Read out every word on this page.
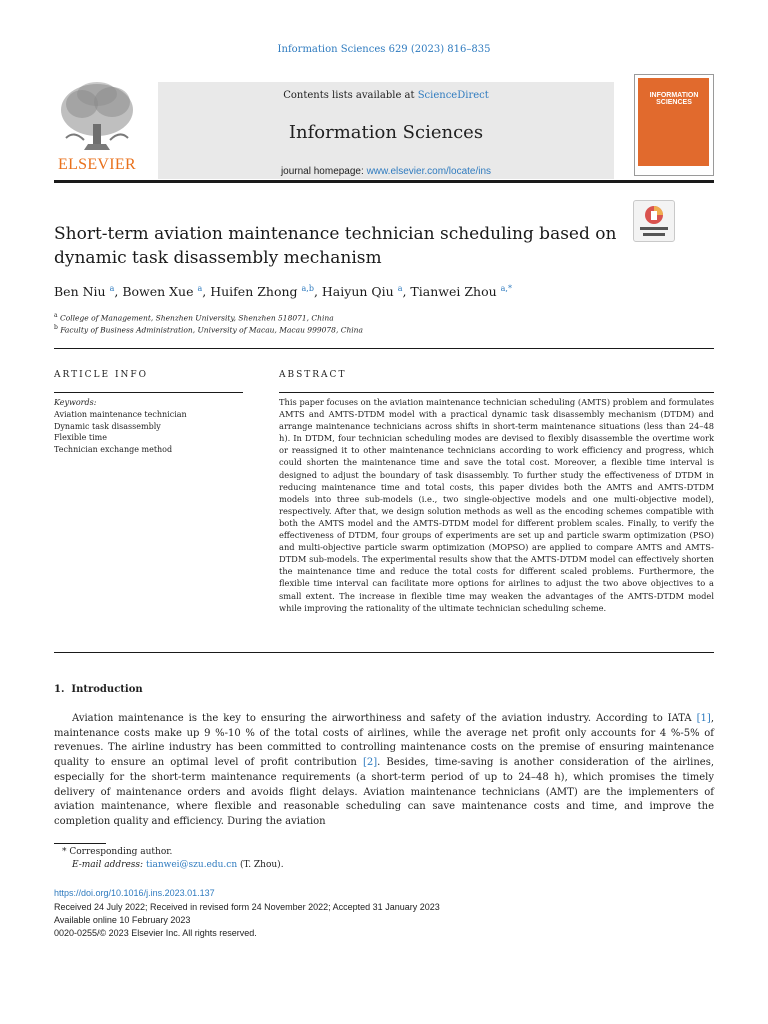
Information Sciences 629 (2023) 816–835
ELSEVIER
Contents lists available at ScienceDirect
Information Sciences
journal homepage: www.elsevier.com/locate/ins
INFORMATION
SCIENCES
Short-term aviation maintenance technician scheduling based on
dynamic task disassembly mechanism
Ben Niu $^a$, Bowen Xue $^a$, Huifen Zhong $^{a,b}$, Haiyun Qiu $^a$, Tianwei Zhou $^{a,*}$
$^a$ College of Management, Shenzhen University, Shenzhen 518071, China
$^b$ Faculty of Business Administration, University of Macau, Macau 999078, China
ARTICLE INFO
Keywords:
Aviation maintenance technician
Dynamic task disassembly
Flexible time
Technician exchange method
ABSTRACT
This paper focuses on the aviation maintenance technician scheduling (AMTS) problem and formulates AMTS and AMTS-DTDM model with a practical dynamic task disassembly mechanism (DTDM) and arrange maintenance technicians across shifts in short-term maintenance situations (less than 24–48 h). In DTDM, four technician scheduling modes are devised to flexibly disassemble the overtime work or reassigned it to other maintenance technicians according to work efficiency and progress, which could shorten the maintenance time and save the total cost. Moreover, a flexible time interval is designed to adjust the boundary of task disassembly. To further study the effectiveness of DTDM in reducing maintenance time and total costs, this paper divides both the AMTS and AMTS-DTDM models into three sub-models (i.e., two single-objective models and one multi-objective model), respectively. After that, we design solution methods as well as the encoding schemes compatible with both the AMTS model and the AMTS-DTDM model for different problem scales. Finally, to verify the effectiveness of DTDM, four groups of experiments are set up and particle swarm optimization (PSO) and multi-objective particle swarm optimization (MOPSO) are applied to compare AMTS and AMTS-DTDM sub-models. The experimental results show that the AMTS-DTDM model can effectively shorten the maintenance time and reduce the total costs for different scaled problems. Furthermore, the flexible time interval can facilitate more options for airlines to adjust the two above objectives to a small extent. The increase in flexible time may weaken the advantages of the AMTS-DTDM model while improving the rationality of the ultimate technician scheduling scheme.
1. Introduction
Aviation maintenance is the key to ensuring the airworthiness and safety of the aviation industry. According to IATA [1], maintenance costs make up 9 %-10 % of the total costs of airlines, while the average net profit only accounts for 4 %-5% of revenues. The airline industry has been committed to controlling maintenance costs on the premise of ensuring maintenance quality to ensure an optimal level of profit contribution [2]. Besides, time-saving is another consideration of the airlines, especially for the short-term maintenance requirements (a short-term period of up to 24–48 h), which promises the timely delivery of maintenance orders and avoids flight delays. Aviation maintenance technicians (AMT) are the implementers of aviation maintenance, where flexible and reasonable scheduling can save maintenance costs and time, and improve the completion quality and efficiency. During the aviation
* Corresponding author.
E-mail address: tianwei@szu.edu.cn (T. Zhou).
https://doi.org/10.1016/j.ins.2023.01.137
Received 24 July 2022; Received in revised form 24 November 2022; Accepted 31 January 2023
Available online 10 February 2023
0020-0255/© 2023 Elsevier Inc. All rights reserved.
